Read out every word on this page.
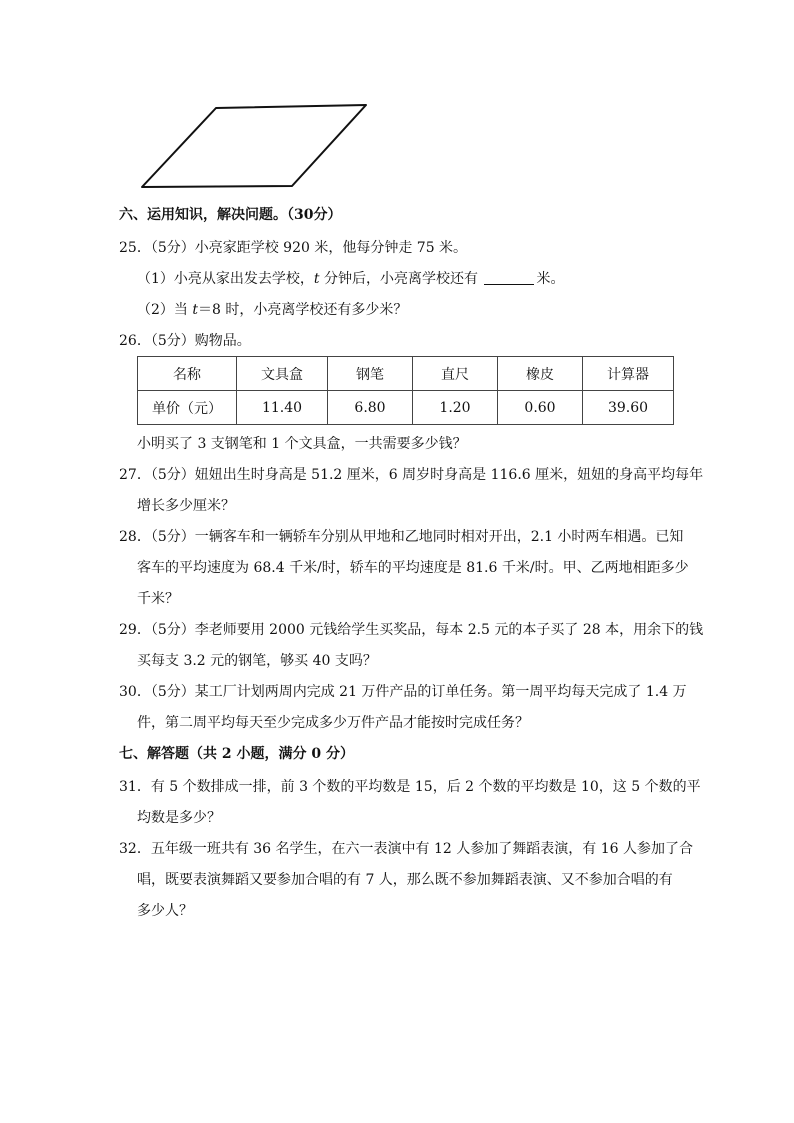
六、运用知识，解决问题。（30分）
25．（5分）小亮家距学校 920 米，他每分钟走 75 米。
（1）小亮从家出发去学校，t 分钟后，小亮离学校还有	米。
（2）当 t＝8 时，小亮离学校还有多少米？
26．（5分）购物品。
名称	文具盒	钢笔	直尺	橡皮	计算器
单价（元）	11.40	6.80	1.20	0.60	39.60
小明买了 3 支钢笔和 1 个文具盒，一共需要多少钱？
27．（5分）妞妞出生时身高是 51.2 厘米，6 周岁时身高是 116.6 厘米，妞妞的身高平均每年
增长多少厘米？
28．（5分）一辆客车和一辆轿车分别从甲地和乙地同时相对开出，2.1 小时两车相遇。已知
客车的平均速度为 68.4 千米/时，轿车的平均速度是 81.6 千米/时。甲、乙两地相距多少
千米？
29．（5分）李老师要用 2000 元钱给学生买奖品，每本 2.5 元的本子买了 28 本，用余下的钱
买每支 3.2 元的钢笔，够买 40 支吗？
30．（5分）某工厂计划两周内完成 21 万件产品的订单任务。第一周平均每天完成了 1.4 万
件，第二周平均每天至少完成多少万件产品才能按时完成任务？
七、解答题（共 2 小题，满分 0 分）
31．有 5 个数排成一排，前 3 个数的平均数是 15，后 2 个数的平均数是 10，这 5 个数的平
均数是多少？
32．五年级一班共有 36 名学生，在六一表演中有 12 人参加了舞蹈表演，有 16 人参加了合
唱，既要表演舞蹈又要参加合唱的有 7 人，那么既不参加舞蹈表演、又不参加合唱的有
多少人？
